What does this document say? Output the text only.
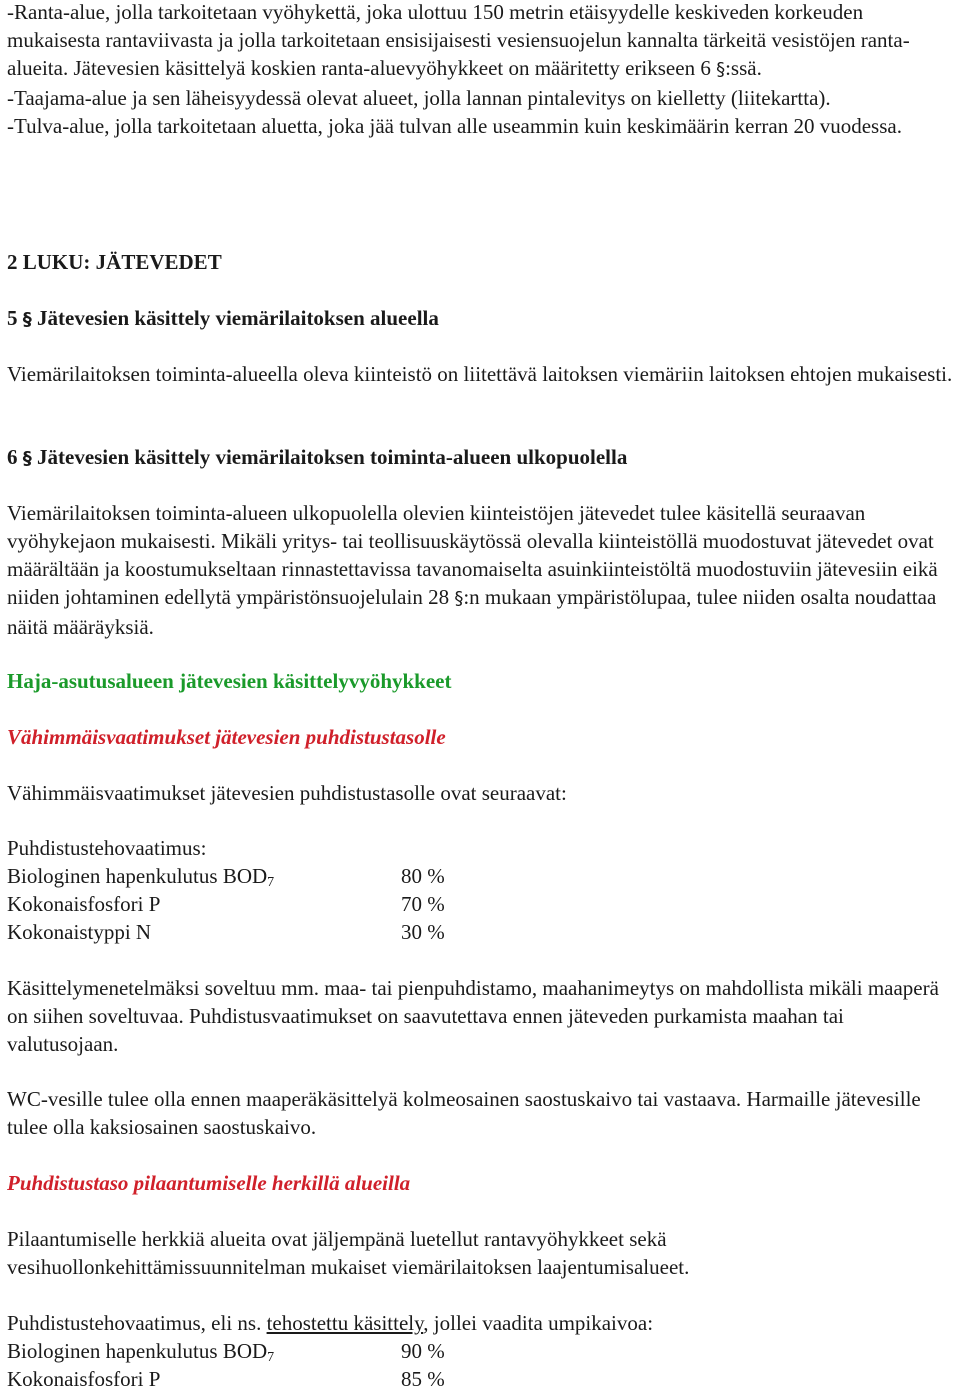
-Ranta-alue, jolla tarkoitetaan vyöhykettä, joka ulottuu 150 metrin etäisyydelle keskiveden korkeuden mukaisesta rantaviivasta ja jolla tarkoitetaan ensisijaisesti vesiensuojelun kannalta tärkeitä vesistöjen ranta-alueita. Jätevesien käsittelyä koskien ranta-aluevyöhykkeet on määritetty erikseen 6 §:ssä.

-Taajama-alue ja sen läheisyydessä olevat alueet, jolla lannan pintalevitys on kielletty (liitekartta).

-Tulva-alue, jolla tarkoitetaan aluetta, joka jää tulvan alle useammin kuin keskimäärin kerran 20 vuodessa.

2 LUKU: JÄTEVEDET

5 § Jätevesien käsittely viemärilaitoksen alueella

Viemärilaitoksen toiminta-alueella oleva kiinteistö on liitettävä laitoksen viemäriin laitoksen ehtojen mukaisesti.

6 § Jätevesien käsittely viemärilaitoksen toiminta-alueen ulkopuolella

Viemärilaitoksen toiminta-alueen ulkopuolella olevien kiinteistöjen jätevedet tulee käsitellä seuraavan vyöhykejaon mukaisesti. Mikäli yritys- tai teollisuuskäytössä olevalla kiinteistöllä muodostuvat jätevedet ovat määrältään ja koostumukseltaan rinnastettavissa tavanomaiselta asuinkiinteistöltä muodostuviin jätevesiin eikä niiden johtaminen edellytä ympäristönsuojelulain 28 §:n mukaan ympäristölupaa, tulee niiden osalta noudattaa näitä määräyksiä.

Haja-asutusalueen jätevesien käsittelyvyöhykkeet

Vähimmäisvaatimukset jätevesien puhdistustasolle

Vähimmäisvaatimukset jätevesien puhdistustasolle ovat seuraavat:

Puhdistustehovaatimus:

Biologinen hapenkulutus $BOD_7$	80 %
Kokonaisfosfori P	70 %
Kokonaistyppi N	30 %

Käsittelymenetelmäksi soveltuu mm. maa- tai pienpuhdistamo, maahanimeytys on mahdollista mikäli maaperä on siihen soveltuvaa. Puhdistusvaatimukset on saavutettava ennen jäteveden purkamista maahan tai valutusojaan.

WC-vesille tulee olla ennen maaperäkäsittelyä kolmeosainen saostuskaivo tai vastaava. Harmaille jätevesille tulee olla kaksiosainen saostuskaivo.

Puhdistustaso pilaantumiselle herkillä alueilla

Pilaantumiselle herkkiä alueita ovat jäljempänä luetellut rantavyöhykkeet sekä vesihuollonkehittämissuunnitelman mukaiset viemärilaitoksen laajentumisalueet.

Puhdistustehovaatimus, eli ns. tehostettu käsittely, jollei vaadita umpikaivoa:

Biologinen hapenkulutus $BOD_7$	90 %
Kokonaisfosfori P	85 %
